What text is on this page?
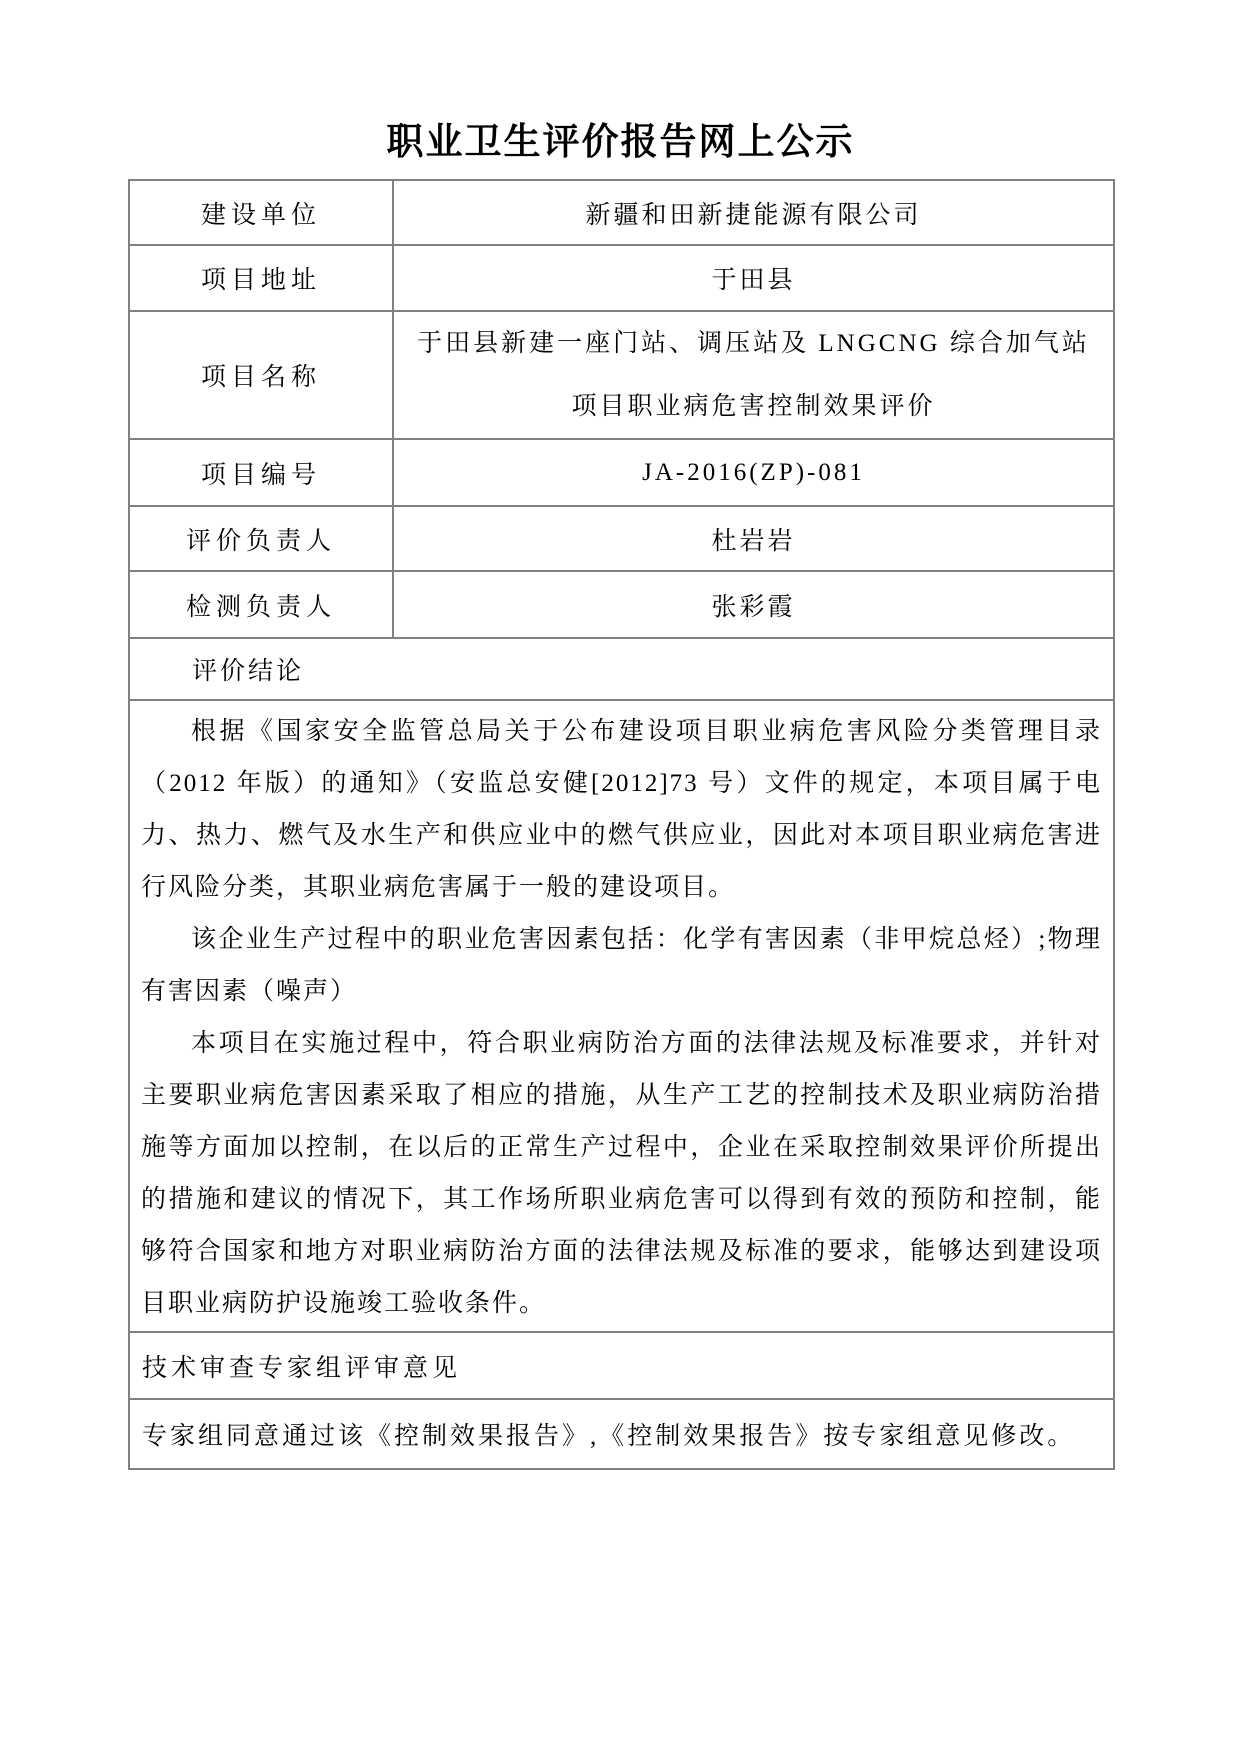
职业卫生评价报告网上公示
建设单位	新疆和田新捷能源有限公司
项目地址	于田县
项目名称	于田县新建一座门站、调压站及 LNGCNG 综合加气站项目职业病危害控制效果评价
项目编号	JA-2016(ZP)-081
评价负责人	杜岩岩
检测负责人	张彩霞
评价结论	

根据《国家安全监管总局关于公布建设项目职业病危害风险分类管理目录（2012 年版）的通知》（安监总安健[2012]73 号）文件的规定，本项目属于电力、热力、燃气及水生产和供应业中的燃气供应业，因此对本项目职业病危害进行风险分类，其职业病危害属于一般的建设项目。

该企业生产过程中的职业危害因素包括：化学有害因素（非甲烷总烃）;物理有害因素（噪声）

本项目在实施过程中，符合职业病防治方面的法律法规及标准要求，并针对主要职业病危害因素采取了相应的措施，从生产工艺的控制技术及职业病防治措施等方面加以控制，在以后的正常生产过程中，企业在采取控制效果评价所提出的措施和建议的情况下，其工作场所职业病危害可以得到有效的预防和控制，能够符合国家和地方对职业病防治方面的法律法规及标准的要求，能够达到建设项目职业病防护设施竣工验收条件。	

技术审查专家组评审意见	
专家组同意通过该《控制效果报告》,《控制效果报告》按专家组意见修改。	
